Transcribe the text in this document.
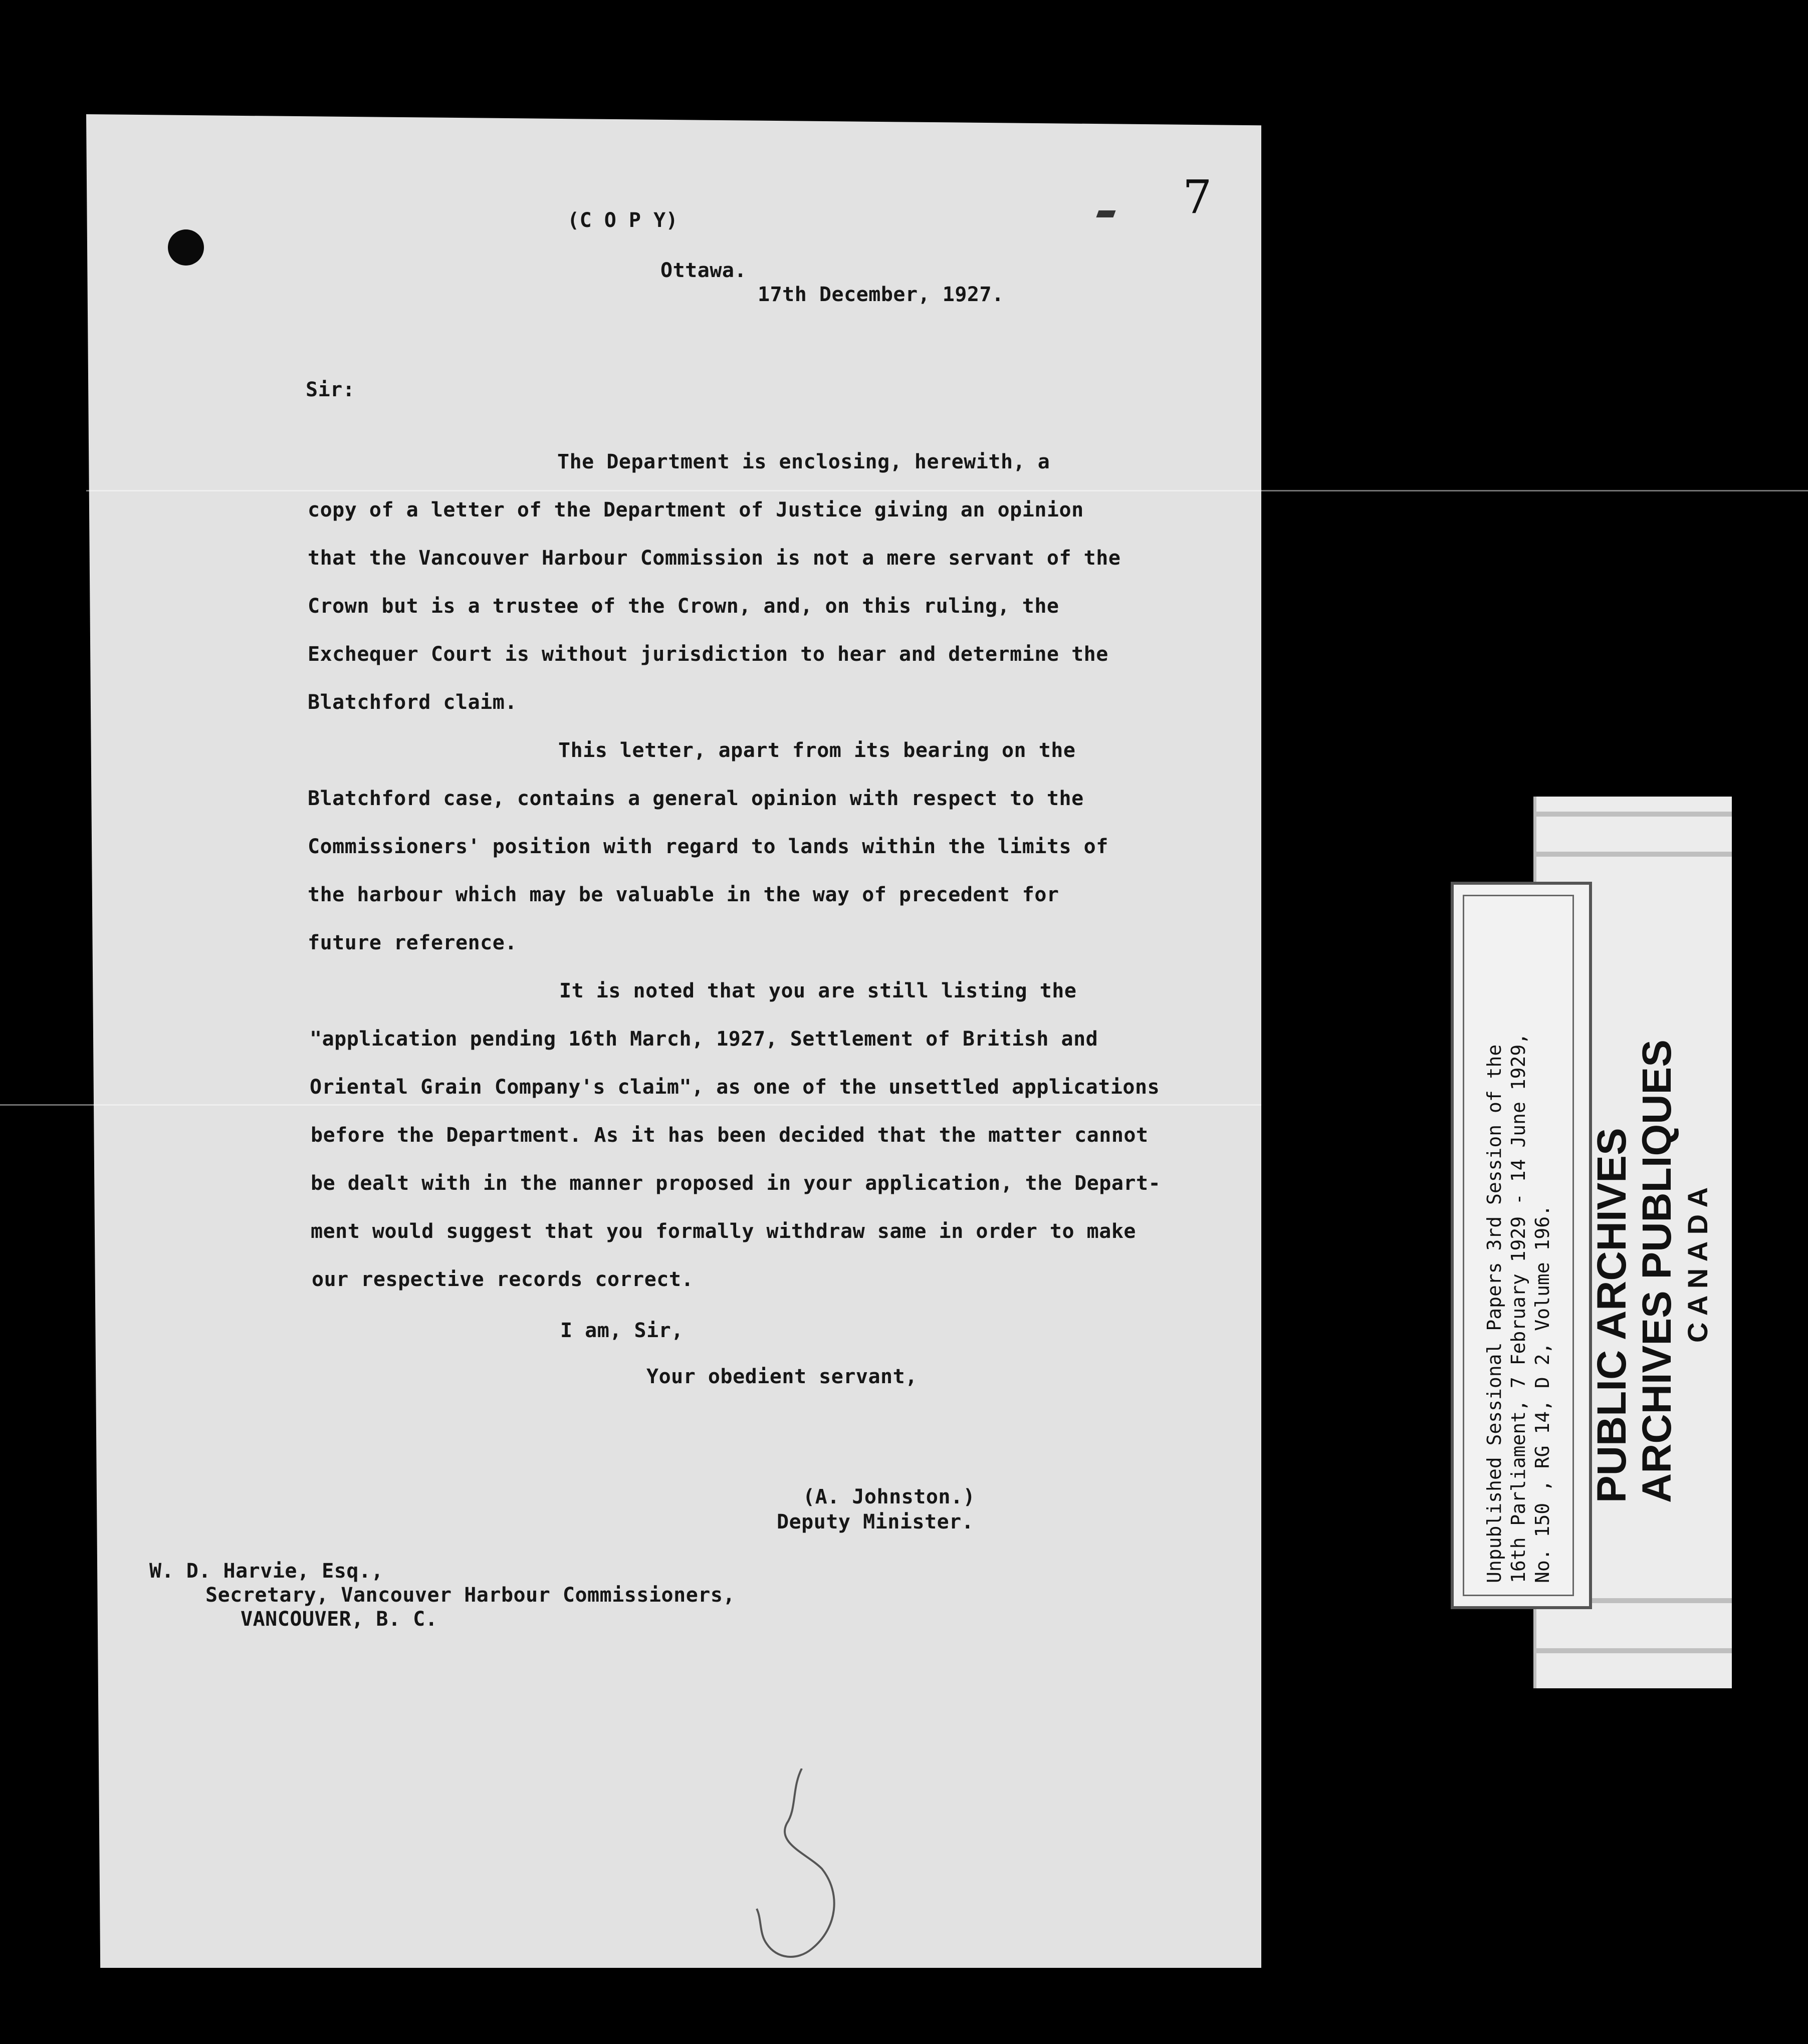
7
(C O P Y)
Ottawa.
17th December, 1927.
Sir:
The Department is enclosing, herewith, a
copy of a letter of the Department of Justice giving an opinion
that the Vancouver Harbour Commission is not a mere servant of the
Crown but is a trustee of the Crown, and, on this ruling, the
Exchequer Court is without jurisdiction to hear and determine the
Blatchford claim.
This letter, apart from its bearing on the
Blatchford case, contains a general opinion with respect to the
Commissioners' position with regard to lands within the limits of
the harbour which may be valuable in the way of precedent for
future reference.
It is noted that you are still listing the
"application pending 16th March, 1927, Settlement of British and
Oriental Grain Company's claim", as one of the unsettled applications
before the Department. As it has been decided that the matter cannot
be dealt with in the manner proposed in your application, the Depart-
ment would suggest that you formally withdraw same in order to make
our respective records correct.
I am, Sir,
Your obedient servant,
(A. Johnston.)
Deputy Minister.
W. D. Harvie, Esq.,
Secretary, Vancouver Harbour Commissioners,
VANCOUVER, B. C.
Unpublished Sessional Papers 3rd Session of the 16th Parliament, 7 February 1929 - 14 June 1929, No. 150 , RG 14, D 2, Volume 196. PUBLIC ARCHIVES ARCHIVES PUBLIQUES C A N A D A
